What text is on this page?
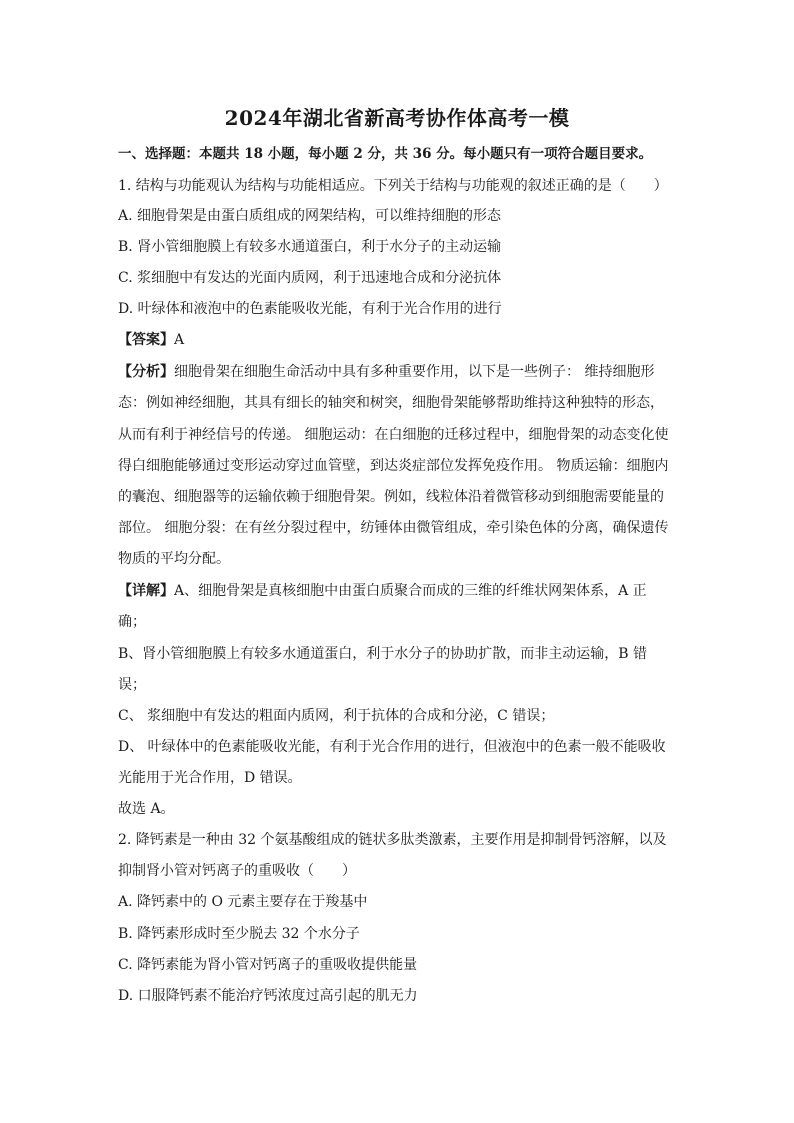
2024年湖北省新高考协作体高考一模
一、选择题：本题共 18 小题，每小题 2 分，共 36 分。每小题只有一项符合题目要求。
1. 结构与功能观认为结构与功能相适应。下列关于结构与功能观的叙述正确的是（　　）
A. 细胞骨架是由蛋白质组成的网架结构，可以维持细胞的形态
B. 肾小管细胞膜上有较多水通道蛋白，利于水分子的主动运输
C. 浆细胞中有发达的光面内质网，利于迅速地合成和分泌抗体
D. 叶绿体和液泡中的色素能吸收光能，有利于光合作用的进行
【答案】A
【分析】细胞骨架在细胞生命活动中具有多种重要作用，以下是一些例子： 维持细胞形
态：例如神经细胞，其具有细长的轴突和树突，细胞骨架能够帮助维持这种独特的形态，
从而有利于神经信号的传递。 细胞运动：在白细胞的迁移过程中，细胞骨架的动态变化使
得白细胞能够通过变形运动穿过血管壁，到达炎症部位发挥免疫作用。 物质运输：细胞内
的囊泡、细胞器等的运输依赖于细胞骨架。例如，线粒体沿着微管移动到细胞需要能量的
部位。 细胞分裂：在有丝分裂过程中，纺锤体由微管组成，牵引染色体的分离，确保遗传
物质的平均分配。
【详解】A、细胞骨架是真核细胞中由蛋白质聚合而成的三维的纤维状网架体系，A 正
确；
B、肾小管细胞膜上有较多水通道蛋白，利于水分子的协助扩散，而非主动运输，B 错
误；
C、 浆细胞中有发达的粗面内质网，利于抗体的合成和分泌，C 错误；
D、 叶绿体中的色素能吸收光能，有利于光合作用的进行，但液泡中的色素一般不能吸收
光能用于光合作用，D 错误。
故选 A。
2. 降钙素是一种由 32 个氨基酸组成的链状多肽类激素，主要作用是抑制骨钙溶解，以及
抑制肾小管对钙离子的重吸收（　　）
A. 降钙素中的 O 元素主要存在于羧基中
B. 降钙素形成时至少脱去 32 个水分子
C. 降钙素能为肾小管对钙离子的重吸收提供能量
D. 口服降钙素不能治疗钙浓度过高引起的肌无力
